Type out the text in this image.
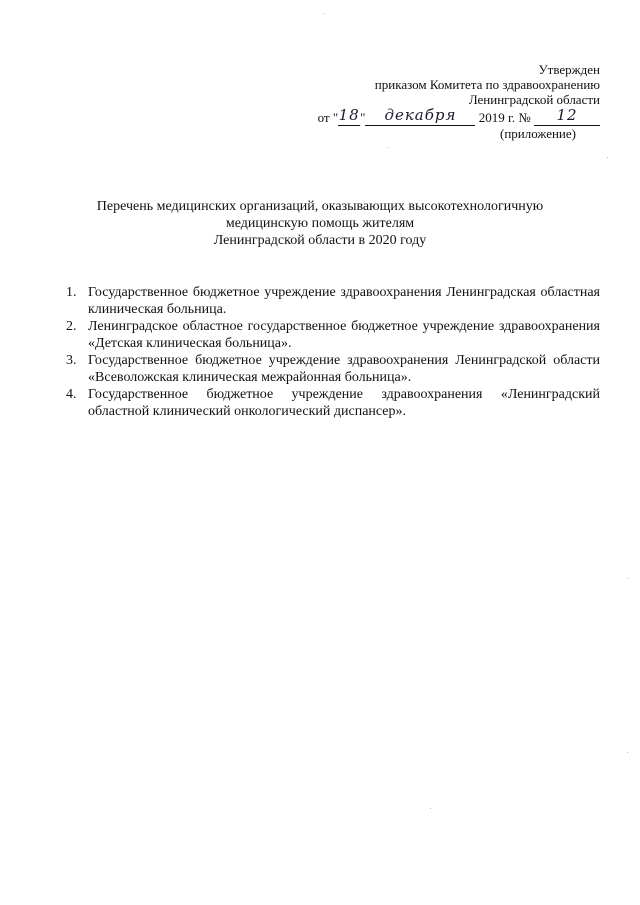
Утвержден
приказом Комитета по здравоохранению
Ленинградской области
от "18" декабря 2019 г. № 12
(приложение)
Перечень медицинских организаций, оказывающих высокотехнологичную
медицинскую помощь жителям
Ленинградской области в 2020 году
1. Государственное бюджетное учреждение здравоохранения Ленинградская областная клиническая больница.
2. Ленинградское областное государственное бюджетное учреждение здравоохранения «Детская клиническая больница».
3. Государственное бюджетное учреждение здравоохранения Ленинградской области «Всеволожская клиническая межрайонная больница».
4. Государственное бюджетное учреждение здравоохранения «Ленинградский областной клинический онкологический диспансер».
